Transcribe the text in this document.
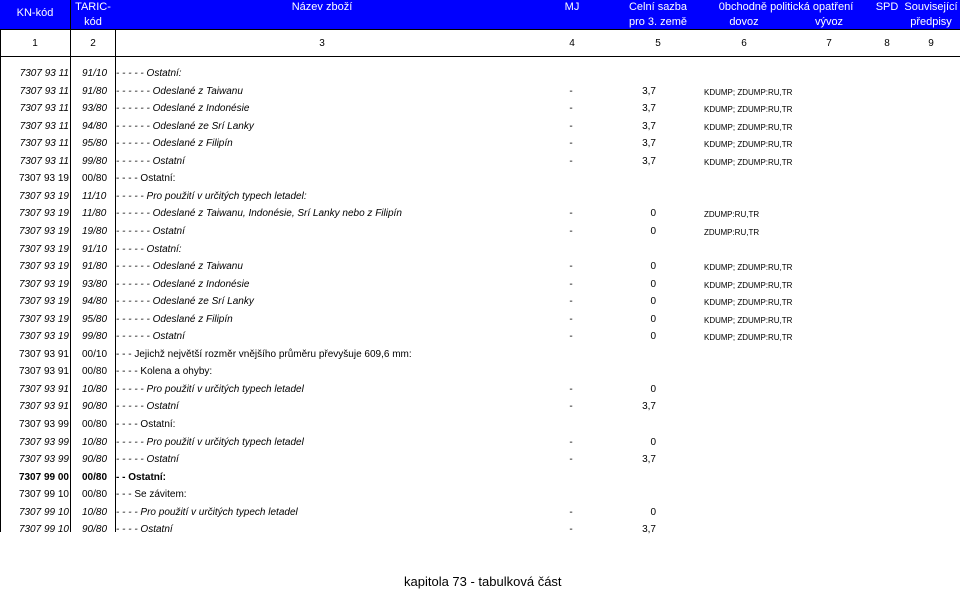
KN-kód	TARIC-
kód
Název zboží	MJ	Celní sazba
pro 3. země
0bchodně politická opatření
dovoz	vývoz
SPD Související
předpisy
1	2	3	4	5	6	7	8	9
7307 93 11 91/10 - - - - - Ostatní:
7307 93 11 91/80 - - - - - - Odeslané z Taiwanu	-	3,7	KDUMP; ZDUMP:RU,TR
7307 93 11 93/80 - - - - - - Odeslané z Indonésie	-	3,7	KDUMP; ZDUMP:RU,TR
7307 93 11 94/80 - - - - - - Odeslané ze Srí Lanky	-	3,7	KDUMP; ZDUMP:RU,TR
7307 93 11 95/80 - - - - - - Odeslané z Filipín	-	3,7	KDUMP; ZDUMP:RU,TR
7307 93 11 99/80 - - - - - - Ostatní	-	3,7	KDUMP; ZDUMP:RU,TR
7307 93 19 00/80 - - - - Ostatní:
7307 93 19 11/10 - - - - - Pro použití v určitých typech letadel:
7307 93 19 11/80 - - - - - - Odeslané z Taiwanu, Indonésie, Srí Lanky nebo z Filipín	-	0	ZDUMP:RU,TR
7307 93 19 19/80 - - - - - - Ostatní	-	0	ZDUMP:RU,TR
7307 93 19 91/10 - - - - - Ostatní:
7307 93 19 91/80 - - - - - - Odeslané z Taiwanu	-	0	KDUMP; ZDUMP:RU,TR
7307 93 19 93/80 - - - - - - Odeslané z Indonésie	-	0	KDUMP; ZDUMP:RU,TR
7307 93 19 94/80 - - - - - - Odeslané ze Srí Lanky	-	0	KDUMP; ZDUMP:RU,TR
7307 93 19 95/80 - - - - - - Odeslané z Filipín	-	0	KDUMP; ZDUMP:RU,TR
7307 93 19 99/80 - - - - - - Ostatní	-	0	KDUMP; ZDUMP:RU,TR
7307 93 91 00/10 - - - Jejichž největší rozměr vnějšího průměru převyšuje 609,6 mm:
7307 93 91 00/80 - - - - Kolena a ohyby:
7307 93 91 10/80 - - - - - Pro použití v určitých typech letadel	-	0
7307 93 91 90/80 - - - - - Ostatní	-	3,7
7307 93 99 00/80 - - - - Ostatní:
7307 93 99 10/80 - - - - - Pro použití v určitých typech letadel	-	0
7307 93 99 90/80 - - - - - Ostatní	-	3,7
7307 99 00 00/80 - - Ostatní:
7307 99 10 00/80 - - - Se závitem:
7307 99 10 10/80 - - - - Pro použití v určitých typech letadel	-	0
7307 99 10 90/80 - - - - Ostatní	-	3,7
kapitola 73 - tabulková část
